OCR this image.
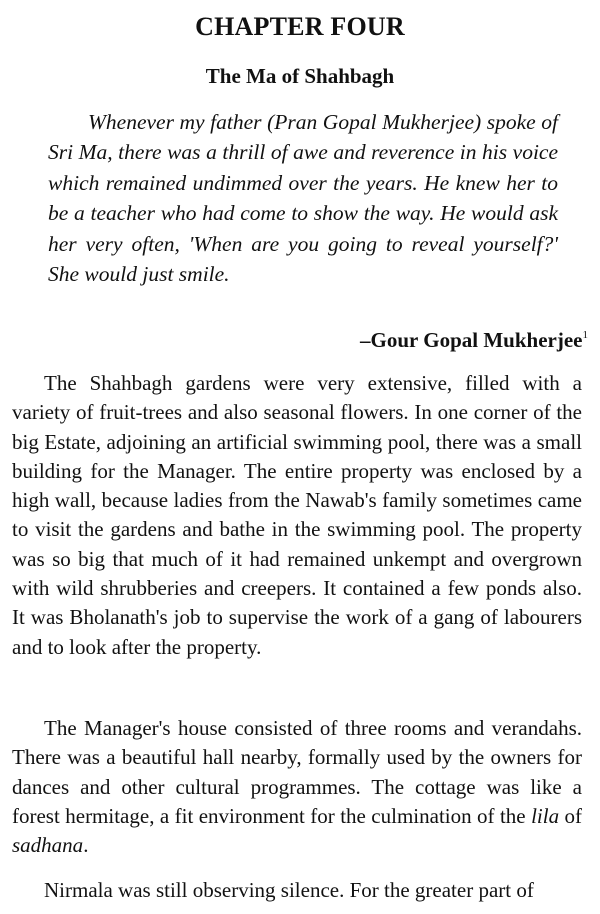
CHAPTER FOUR
The Ma of Shahbagh

Whenever my father (Pran Gopal Mukherjee) spoke of Sri Ma, there was a thrill of awe and reverence in his voice which remained undimmed over the years. He knew her to be a teacher who had come to show the way. He would ask her very often, 'When are you going to reveal yourself?' She would just smile.

–Gour Gopal Mukherjee$^1$

The Shahbagh gardens were very extensive, filled with a variety of fruit-trees and also seasonal flowers. In one corner of the big Estate, adjoining an artificial swimming pool, there was a small building for the Manager. The entire property was enclosed by a high wall, because ladies from the Nawab's family sometimes came to visit the gardens and bathe in the swimming pool. The property was so big that much of it had remained unkempt and overgrown with wild shrubberies and creepers. It contained a few ponds also. It was Bholanath's job to supervise the work of a gang of labourers and to look after the property.

The Manager's house consisted of three rooms and verandahs. There was a beautiful hall nearby, formally used by the owners for dances and other cultural programmes. The cottage was like a forest hermitage, a fit environment for the culmination of the lila of sadhana.

Nirmala was still observing silence. For the greater part of
